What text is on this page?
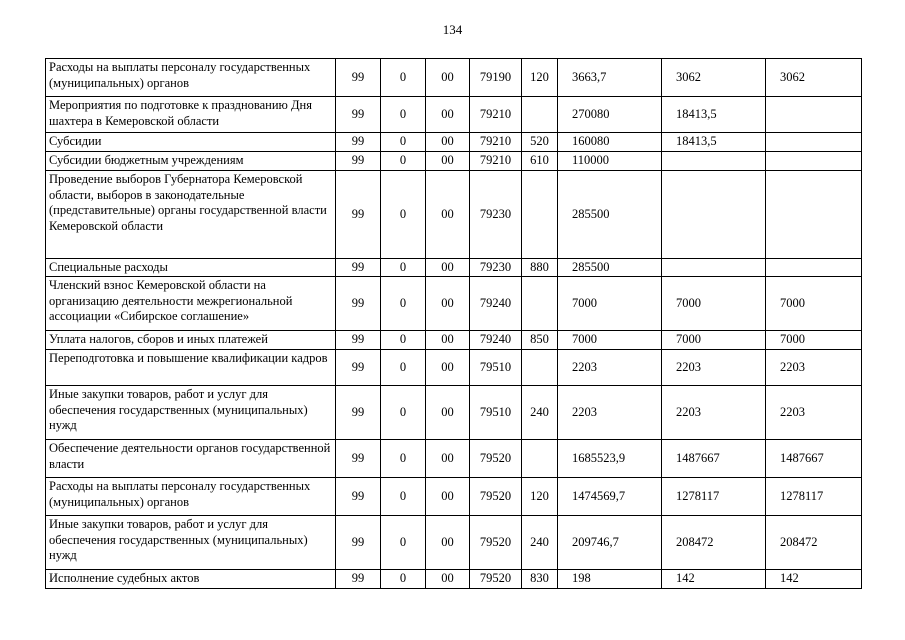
134
Расходы на выплаты персоналу государственных (муниципальных) органов	99	0	00	79190	120	3663,7	3062	3062
Мероприятия по подготовке к празднованию Дня шахтера в Кемеровской области	99	0	00	79210		270080	18413,5	
Субсидии	99	0	00	79210	520	160080	18413,5	
Субсидии бюджетным учреждениям	99	0	00	79210	610	110000		
Проведение выборов Губернатора Кемеровской области, выборов в законодательные (представительные) органы государственной власти Кемеровской области	99	0	00	79230		285500		
Специальные расходы	99	0	00	79230	880	285500		
Членский взнос Кемеровской области на организацию деятельности межрегиональной ассоциации «Сибирское соглашение»	99	0	00	79240		7000	7000	7000
Уплата налогов, сборов и иных платежей	99	0	00	79240	850	7000	7000	7000
Переподготовка и повышение квалификации кадров	99	0	00	79510		2203	2203	2203
Иные закупки товаров, работ и услуг для обеспечения государственных (муниципальных) нужд	99	0	00	79510	240	2203	2203	2203
Обеспечение деятельности органов государственной власти	99	0	00	79520		1685523,9	1487667	1487667
Расходы на выплаты персоналу государственных (муниципальных) органов	99	0	00	79520	120	1474569,7	1278117	1278117
Иные закупки товаров, работ и услуг для обеспечения государственных (муниципальных) нужд	99	0	00	79520	240	209746,7	208472	208472
Исполнение судебных актов	99	0	00	79520	830	198	142	142
